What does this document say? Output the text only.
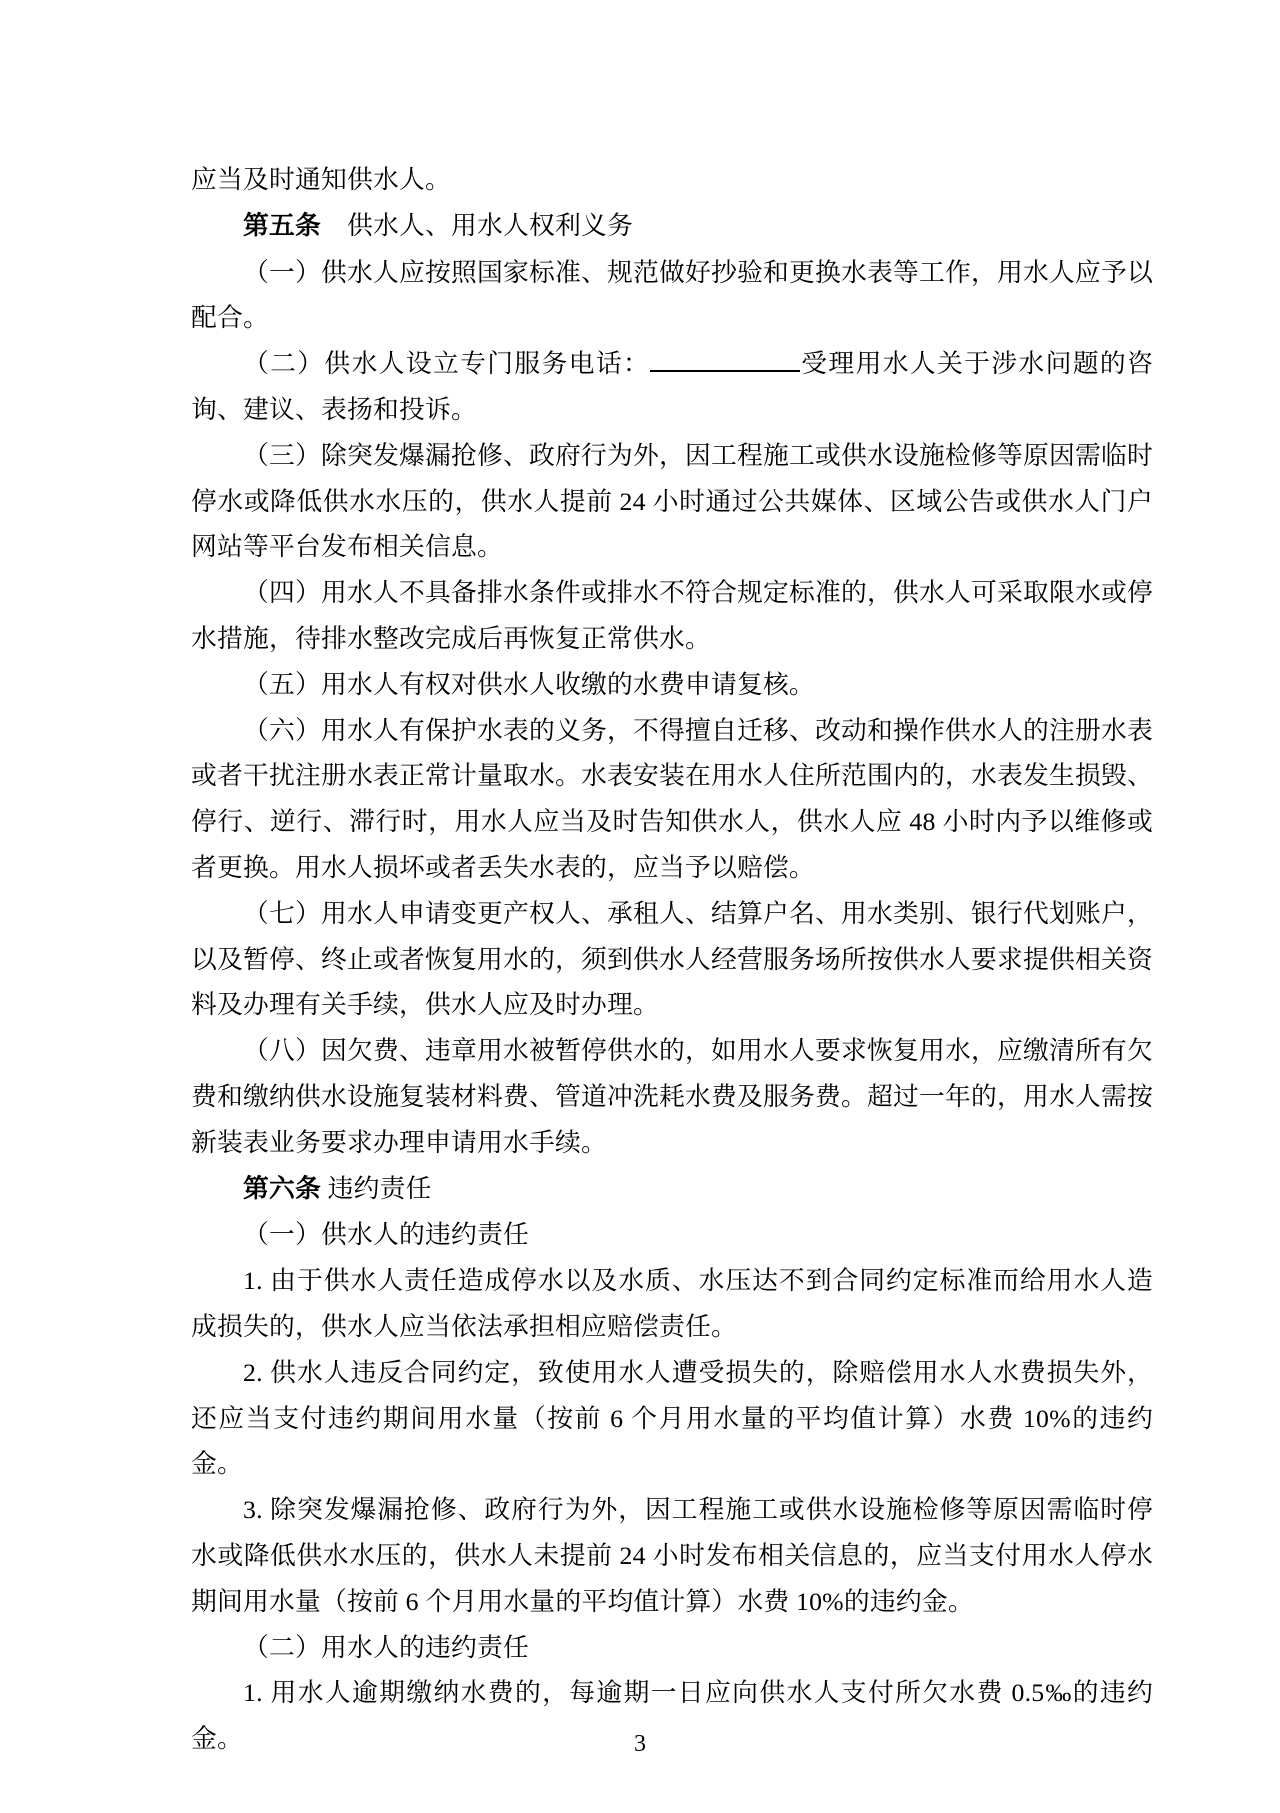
应当及时通知供水人。

第五条　供水人、用水人权利义务

（一）供水人应按照国家标准、规范做好抄验和更换水表等工作，用水人应予以配合。

（二）供水人设立专门服务电话：	受理用水人关于涉水问题的咨询、建议、表扬和投诉。

（三）除突发爆漏抢修、政府行为外，因工程施工或供水设施检修等原因需临时停水或降低供水水压的，供水人提前 24 小时通过公共媒体、区域公告或供水人门户网站等平台发布相关信息。

（四）用水人不具备排水条件或排水不符合规定标准的，供水人可采取限水或停水措施，待排水整改完成后再恢复正常供水。

（五）用水人有权对供水人收缴的水费申请复核。

（六）用水人有保护水表的义务，不得擅自迁移、改动和操作供水人的注册水表或者干扰注册水表正常计量取水。水表安装在用水人住所范围内的，水表发生损毁、停行、逆行、滞行时，用水人应当及时告知供水人，供水人应 48 小时内予以维修或者更换。用水人损坏或者丢失水表的，应当予以赔偿。

（七）用水人申请变更产权人、承租人、结算户名、用水类别、银行代划账户，以及暂停、终止或者恢复用水的，须到供水人经营服务场所按供水人要求提供相关资料及办理有关手续，供水人应及时办理。

（八）因欠费、违章用水被暂停供水的，如用水人要求恢复用水，应缴清所有欠费和缴纳供水设施复装材料费、管道冲洗耗水费及服务费。超过一年的，用水人需按新装表业务要求办理申请用水手续。

第六条 违约责任

（一）供水人的违约责任

1. 由于供水人责任造成停水以及水质、水压达不到合同约定标准而给用水人造成损失的，供水人应当依法承担相应赔偿责任。

2. 供水人违反合同约定，致使用水人遭受损失的，除赔偿用水人水费损失外，还应当支付违约期间用水量（按前 6 个月用水量的平均值计算）水费 10%的违约金。

3. 除突发爆漏抢修、政府行为外，因工程施工或供水设施检修等原因需临时停水或降低供水水压的，供水人未提前 24 小时发布相关信息的，应当支付用水人停水期间用水量（按前 6 个月用水量的平均值计算）水费 10%的违约金。

（二）用水人的违约责任

1. 用水人逾期缴纳水费的，每逾期一日应向供水人支付所欠水费 0.5‰的违约金。	3
